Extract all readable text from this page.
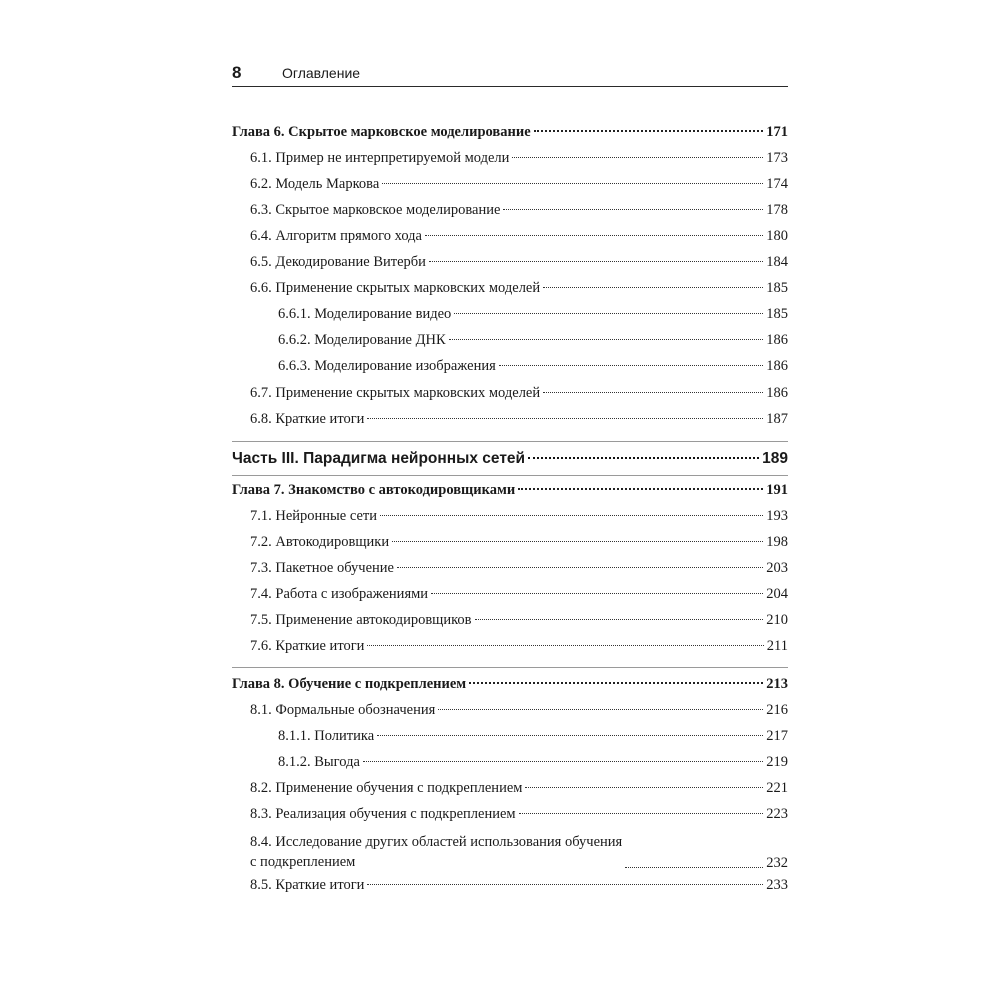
8	Оглавление
Глава 6. Скрытое марковское моделирование	171
6.1. Пример не интерпретируемой модели	173
6.2. Модель Маркова	174
6.3. Скрытое марковское моделирование	178
6.4. Алгоритм прямого хода	180
6.5. Декодирование Витерби	184
6.6. Применение скрытых марковских моделей	185
6.6.1. Моделирование видео	185
6.6.2. Моделирование ДНК	186
6.6.3. Моделирование изображения	186
6.7. Применение скрытых марковских моделей	186
6.8. Краткие итоги	187
Часть III. Парадигма нейронных сетей	189
Глава 7. Знакомство с автокодировщиками	191
7.1. Нейронные сети	193
7.2. Автокодировщики	198
7.3. Пакетное обучение	203
7.4. Работа с изображениями	204
7.5. Применение автокодировщиков	210
7.6. Краткие итоги	211
Глава 8. Обучение с подкреплением	213
8.1. Формальные обозначения	216
8.1.1. Политика	217
8.1.2. Выгода	219
8.2. Применение обучения с подкреплением	221
8.3. Реализация обучения с подкреплением	223
8.4. Исследование других областей использования обучения
с подкреплением	232
8.5. Краткие итоги	233
